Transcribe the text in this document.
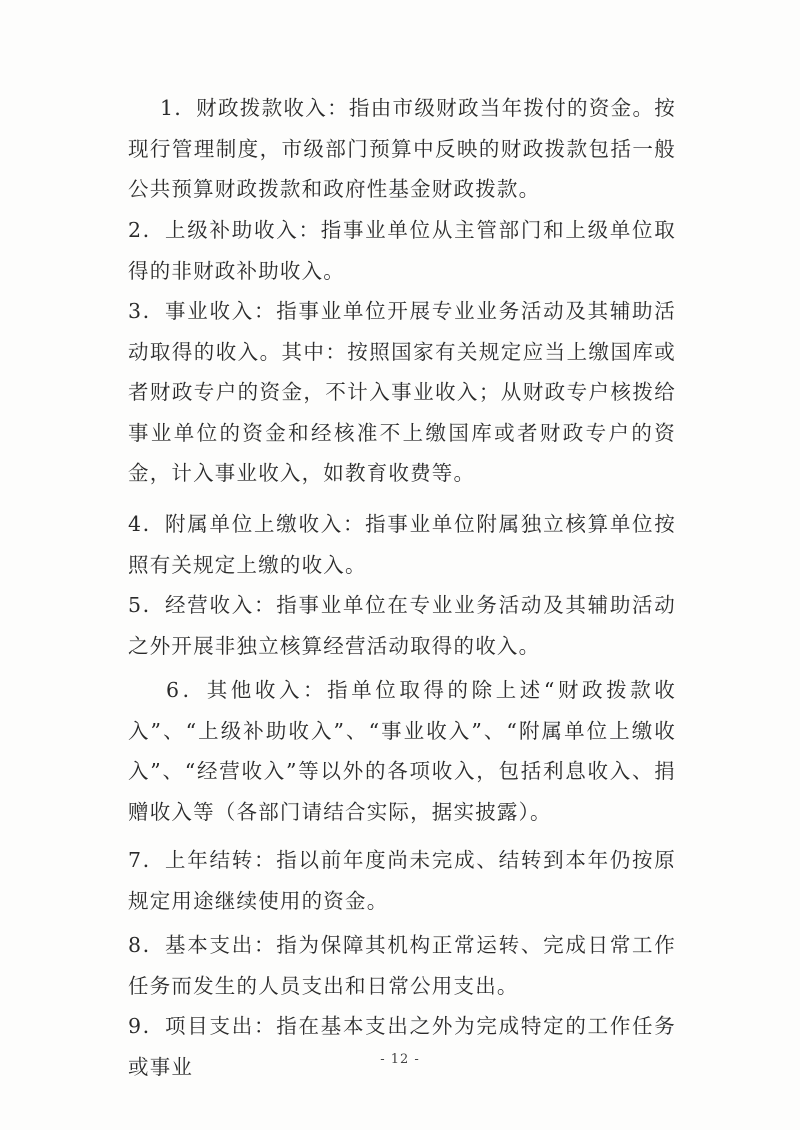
1．财政拨款收入：指由市级财政当年拨付的资金。按现行管理制度，市级部门预算中反映的财政拨款包括一般公共预算财政拨款和政府性基金财政拨款。

2．上级补助收入：指事业单位从主管部门和上级单位取得的非财政补助收入。

3．事业收入：指事业单位开展专业业务活动及其辅助活动取得的收入。其中：按照国家有关规定应当上缴国库或者财政专户的资金，不计入事业收入；从财政专户核拨给事业单位的资金和经核准不上缴国库或者财政专户的资金，计入事业收入，如教育收费等。

4．附属单位上缴收入：指事业单位附属独立核算单位按照有关规定上缴的收入。

5．经营收入：指事业单位在专业业务活动及其辅助活动之外开展非独立核算经营活动取得的收入。

6．其他收入：指单位取得的除上述“财政拨款收入”、“上级补助收入”、“事业收入”、“附属单位上缴收入”、“经营收入”等以外的各项收入，包括利息收入、捐赠收入等（各部门请结合实际，据实披露）。

7．上年结转：指以前年度尚未完成、结转到本年仍按原规定用途继续使用的资金。

8．基本支出：指为保障其机构正常运转、完成日常工作任务而发生的人员支出和日常公用支出。

9．项目支出：指在基本支出之外为完成特定的工作任务或事业	- 12 -
